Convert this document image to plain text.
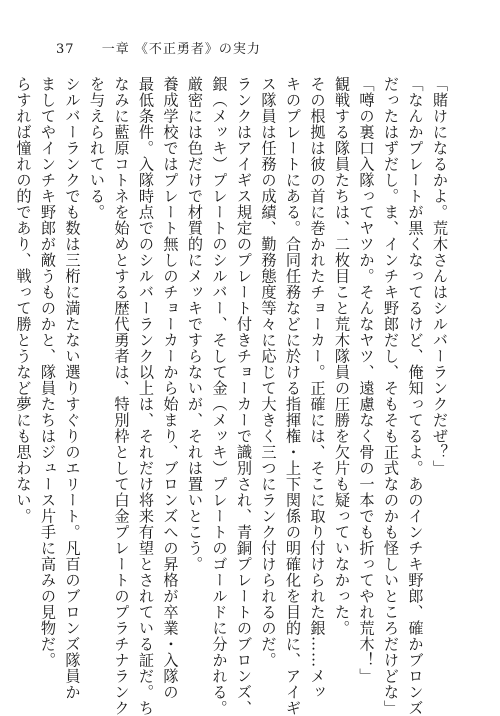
37 一章 《不正勇者》の実力
「賭けになるかよ。荒木さんはシルバーランクだぜ？」
「なんかプレートが黒くなってるけど、俺知ってるよ。あのインチキ野郎、確かブロンズ
だったはずだし。ま、インチキ野郎だし、そもそも正式なのかも怪しいところだけどな」
「噂の裏口入隊ってヤツか。そんなヤツ、遠慮なく骨の一本でも折ってやれ荒木！」
観戦する隊員たちは、二枚目こと荒木隊員の圧勝を欠片も疑っていなかった。
その根拠は彼の首に巻かれたチョーカー。正確には、そこに取り付けられた銀……メッ
キのプレートにある。合同任務などに於ける指揮権・上下関係の明確化を目的に、アイギ
ス隊員は任務の成績、勤務態度等々に応じて大きく三つにランク付けられるのだ。
ランクはアイギス規定のプレート付きチョーカーで識別され、青銅プレートのブロンズ、
銀（メッキ）プレートのシルバー、そして金（メッキ）プレートのゴールドに分かれる。
厳密には色だけで材質的にメッキですらないが、それは置いとこう。
養成学校ではプレート無しのチョーカーから始まり、ブロンズへの昇格が卒業・入隊の
最低条件。入隊時点でのシルバーランク以上は、それだけ将来有望とされている証だ。ち
なみに藍原コトネを始めとする歴代勇者は、特別枠として白金プレートのプラチナランク
を与えられている。
シルバーランクでも数は三桁に満たない選りすぐりのエリート。凡百のブロンズ隊員か
ましてやインチキ野郎が敵うものかと、隊員たちはジュース片手に高みの見物だ。
らすれば憧れの的であり、戦って勝とうなど夢にも思わない。
